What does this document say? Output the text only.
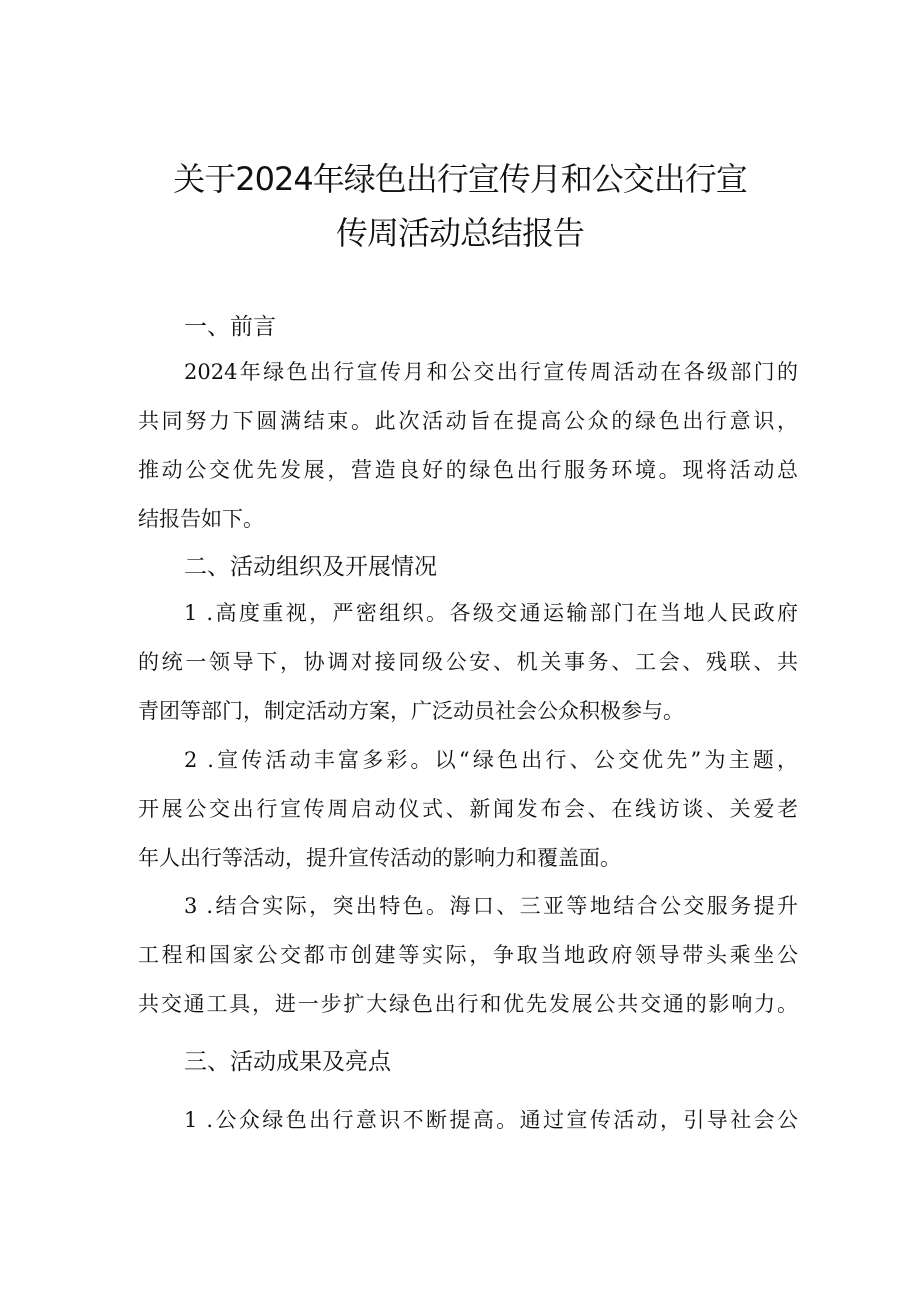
关于2024年绿色出行宣传月和公交出行宣
传周活动总结报告
一、前言
2024年绿色出行宣传月和公交出行宣传周活动在各级部门的
共同努力下圆满结束。此次活动旨在提高公众的绿色出行意识，
推动公交优先发展，营造良好的绿色出行服务环境。现将活动总
结报告如下。
二、活动组织及开展情况
1 .高度重视，严密组织。各级交通运输部门在当地人民政府
的统一领导下，协调对接同级公安、机关事务、工会、残联、共
青团等部门，制定活动方案，广泛动员社会公众积极参与。
2 .宣传活动丰富多彩。以“绿色出行、公交优先”为主题，
开展公交出行宣传周启动仪式、新闻发布会、在线访谈、关爱老
年人出行等活动，提升宣传活动的影响力和覆盖面。
3 .结合实际，突出特色。海口、三亚等地结合公交服务提升
工程和国家公交都市创建等实际，争取当地政府领导带头乘坐公
共交通工具，进一步扩大绿色出行和优先发展公共交通的影响力。
三、活动成果及亮点
1 .公众绿色出行意识不断提高。通过宣传活动，引导社会公
